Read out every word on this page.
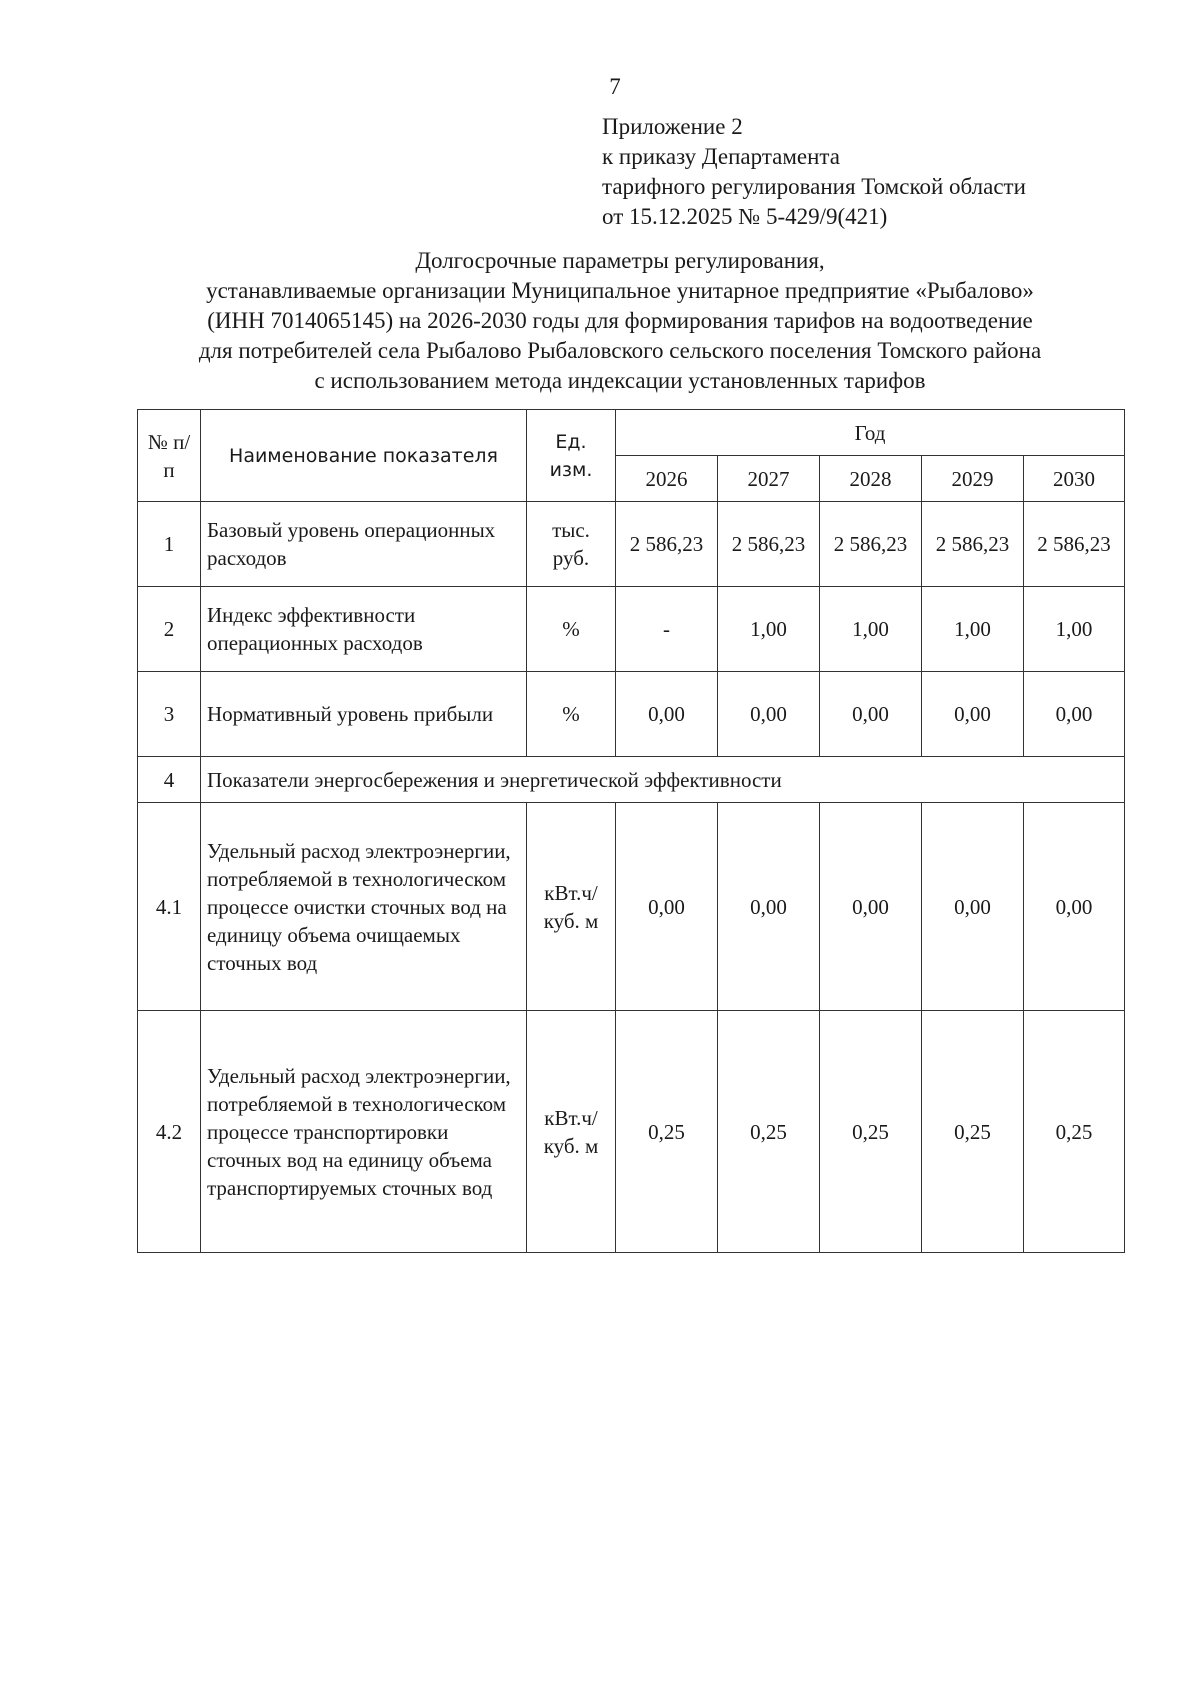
7
Приложение 2
к приказу Департамента
тарифного регулирования Томской области
от 15.12.2025 № 5-429/9(421)
Долгосрочные параметры регулирования,
устанавливаемые организации Муниципальное унитарное предприятие «Рыбалово»
(ИНН 7014065145) на 2026-2030 годы для формирования тарифов на водоотведение
для потребителей села Рыбалово Рыбаловского сельского поселения Томского района
с использованием метода индексации установленных тарифов
№ п/п	Наименование показателя	Ед. изм.	Год				
			2026	2027	2028	2029	2030
1	Базовый уровень операционных расходов	тыс. руб.	2 586,23	2 586,23	2 586,23	2 586,23	2 586,23
2	Индекс эффективности операционных расходов	%	-	1,00	1,00	1,00	1,00
3	Нормативный уровень прибыли	%	0,00	0,00	0,00	0,00	0,00
4	Показатели энергосбережения и энергетической эффективности						
4.1	Удельный расход электроэнергии, потребляемой в технологическом процессе очистки сточных вод на единицу объема очищаемых сточных вод	кВт.ч/ куб. м	0,00	0,00	0,00	0,00	0,00
4.2	Удельный расход электроэнергии, потребляемой в технологическом процессе транспортировки сточных вод на единицу объема транспортируемых сточных вод	кВт.ч/ куб. м	0,25	0,25	0,25	0,25	0,25
